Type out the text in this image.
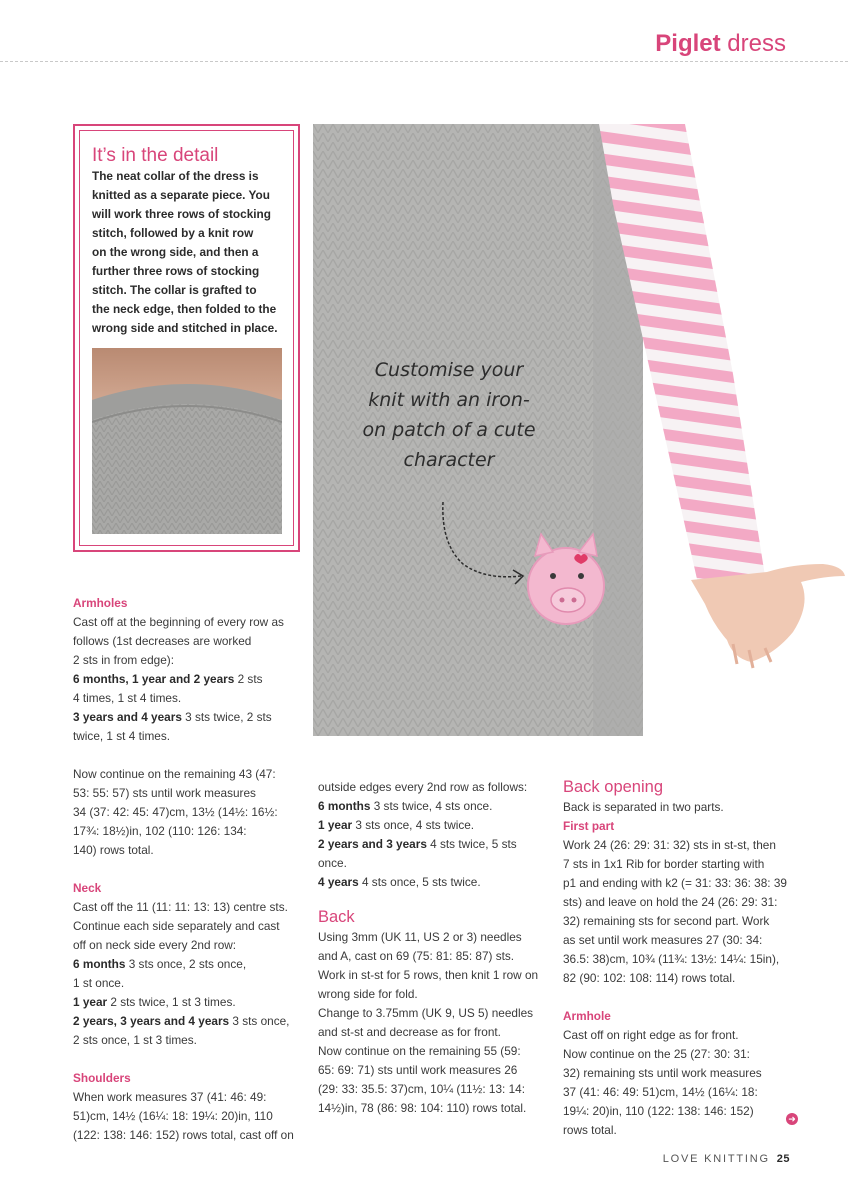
Piglet dress
It’s in the detail
The neat collar of the dress is
knitted as a separate piece. You
will work three rows of stocking
stitch, followed by a knit row
on the wrong side, and then a
further three rows of stocking
stitch. The collar is grafted to
the neck edge, then folded to the
wrong side and stitched in place.
Customise your
knit with an iron-
on patch of a cute
character

Armholes

Cast off at the beginning of every row as

follows (1st decreases are worked

2 sts in from edge):

6 months, 1 year and 2 years 2 sts

4 times, 1 st 4 times.

3 years and 4 years 3 sts twice, 2 sts

twice, 1 st 4 times.

Now continue on the remaining 43 (47:

53: 55: 57) sts until work measures

34 (37: 42: 45: 47)cm, 13½ (14½: 16½:

17¾: 18½)in, 102 (110: 126: 134:

140) rows total.

Neck

Cast off the 11 (11: 11: 13: 13) centre sts.

Continue each side separately and cast

off on neck side every 2nd row:

6 months 3 sts once, 2 sts once,

1 st once.

1 year 2 sts twice, 1 st 3 times.

2 years, 3 years and 4 years 3 sts once,

2 sts once, 1 st 3 times.

Shoulders

When work measures 37 (41: 46: 49:

51)cm, 14½ (16¼: 18: 19¼: 20)in, 110

(122: 138: 146: 152) rows total, cast off on

outside edges every 2nd row as follows:

6 months 3 sts twice, 4 sts once.

1 year 3 sts once, 4 sts twice.

2 years and 3 years 4 sts twice, 5 sts

once.

4 years 4 sts once, 5 sts twice.

Back

Using 3mm (UK 11, US 2 or 3) needles

and A, cast on 69 (75: 81: 85: 87) sts.

Work in st-st for 5 rows, then knit 1 row on

wrong side for fold.

Change to 3.75mm (UK 9, US 5) needles

and st-st and decrease as for front.

Now continue on the remaining 55 (59:

65: 69: 71) sts until work measures 26

(29: 33: 35.5: 37)cm, 10¼ (11½: 13: 14:

14½)in, 78 (86: 98: 104: 110) rows total.

Back opening

Back is separated in two parts.

First part

Work 24 (26: 29: 31: 32) sts in st-st, then

7 sts in 1x1 Rib for border starting with

p1 and ending with k2 (= 31: 33: 36: 38: 39

sts) and leave on hold the 24 (26: 29: 31:

32) remaining sts for second part. Work

as set until work measures 27 (30: 34:

36.5: 38)cm, 10¾ (11¾: 13½: 14¼: 15in),

82 (90: 102: 108: 114) rows total.

Armhole

Cast off on right edge as for front.

Now continue on the 25 (27: 30: 31:

32) remaining sts until work measures

37 (41: 46: 49: 51)cm, 14½ (16¼: 18:

19¼: 20)in, 110 (122: 138: 146: 152)

rows total.

➜
LOVE KNITTING 25
